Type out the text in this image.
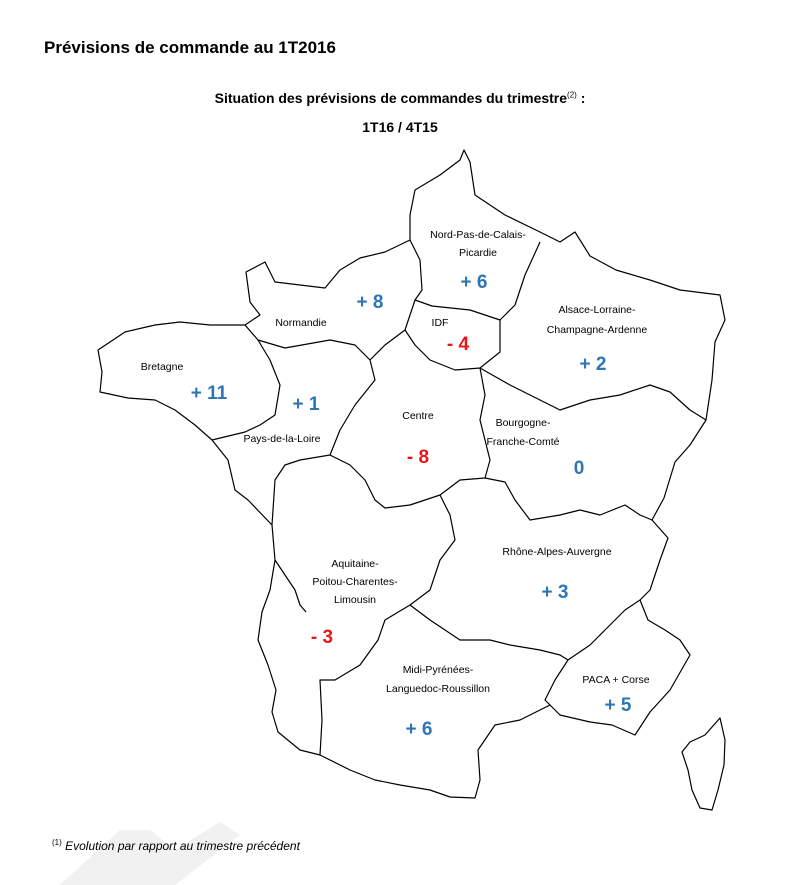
Prévisions de commande au 1T2016
Situation des prévisions de commandes du trimestre$^{(2)}$ :
1T16 / 4T15
Nord-Pas-de-Calais-
Picardie
Alsace-Lorraine-
Champagne-Ardenne
Normandie	IDF
Bretagne
Pays-de-la-Loire
Centre
Bourgogne-
Franche-Comté
Aquitaine-
Poitou-Charentes-
Limousin
Rhône-Alpes-Auvergne
Midi-Pyrénées-
Languedoc-Roussillon
PACA + Corse
+ 6
+ 8
- 4
+ 2
+ 11
+ 1
- 8
0
+ 3
- 3
+ 6
+ 5
$^{(1)}$ Evolution par rapport au trimestre précédent
